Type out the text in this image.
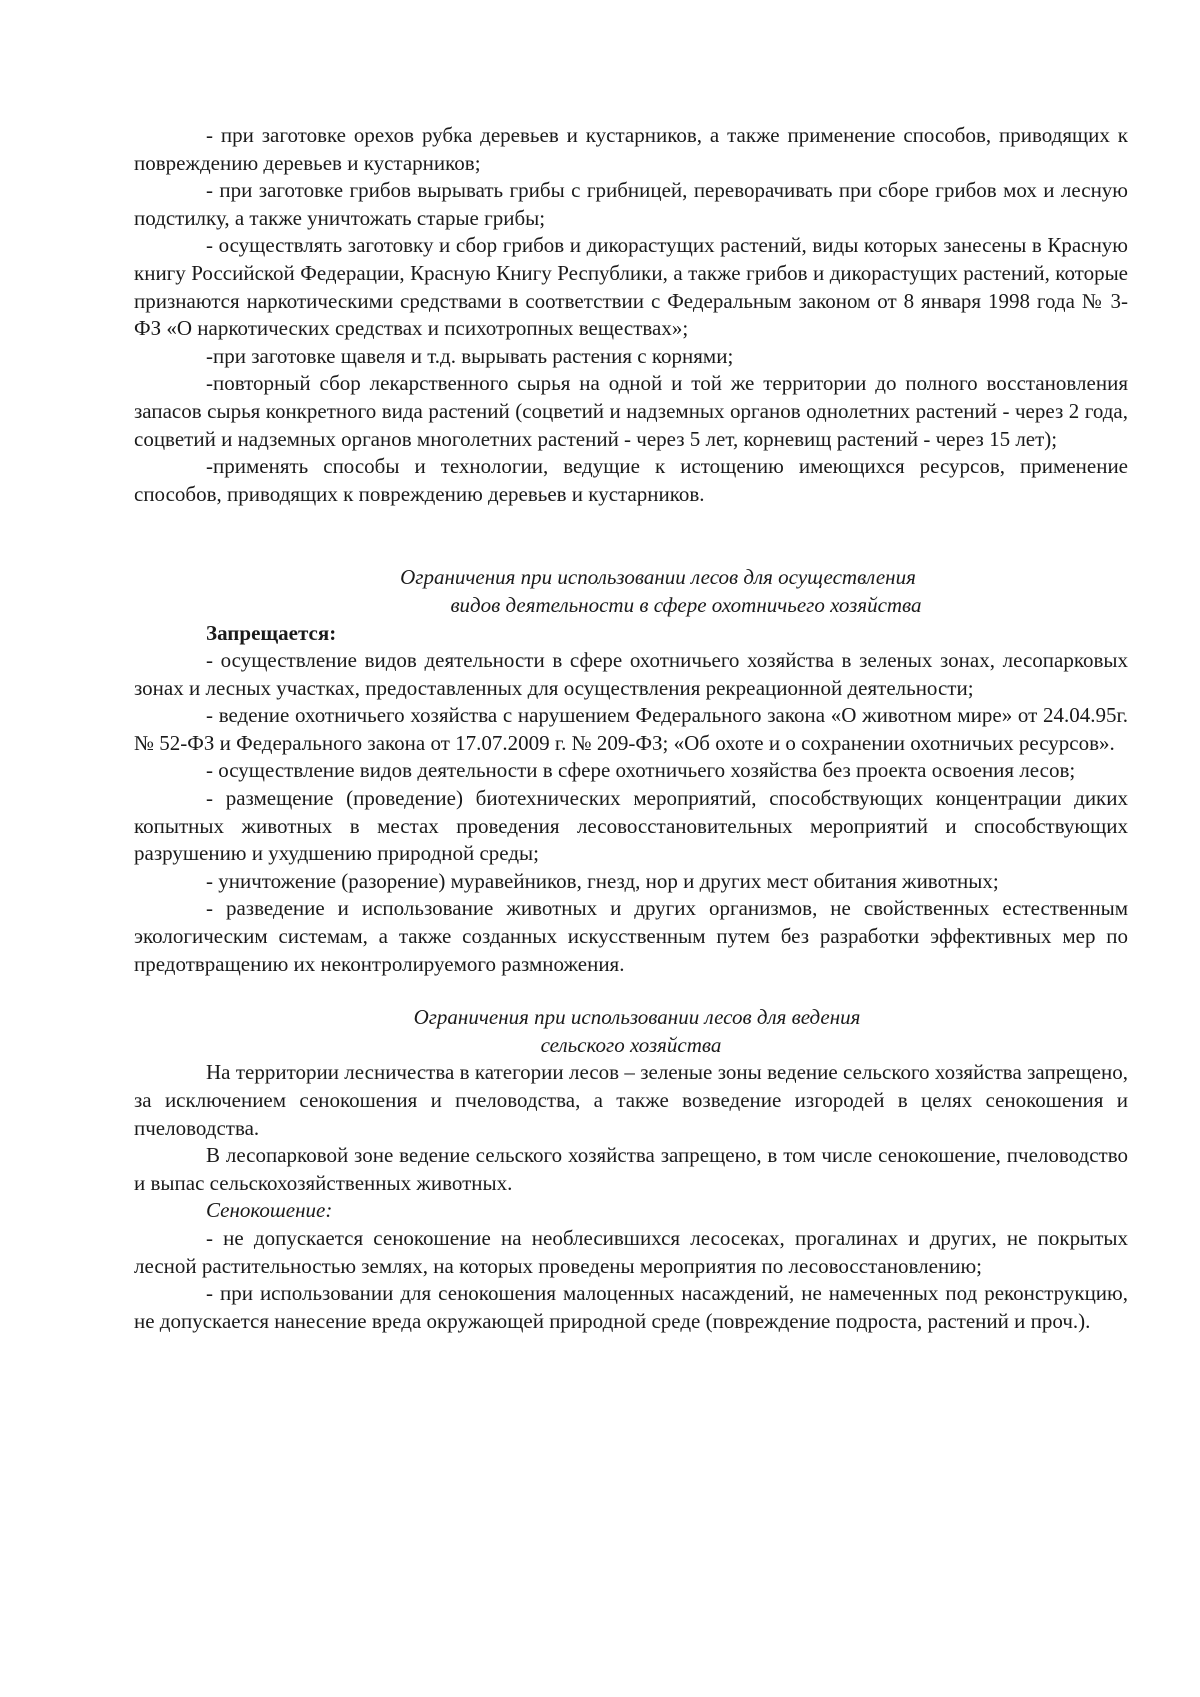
- при заготовке орехов рубка деревьев и кустарников, а также применение способов, приводящих к повреждению деревьев и кустарников;

- при заготовке грибов вырывать грибы с грибницей, переворачивать при сборе грибов мох и лесную подстилку, а также уничтожать старые грибы;

- осуществлять заготовку и сбор грибов и дикорастущих растений, виды которых занесены в Красную книгу Российской Федерации, Красную Книгу Республики, а также грибов и дикорастущих растений, которые признаются наркотическими средствами в соответствии с Федеральным законом от 8 января 1998 года № 3-ФЗ «О наркотических средствах и психотропных веществах»;

-при заготовке щавеля и т.д. вырывать растения с корнями;

-повторный сбор лекарственного сырья на одной и той же территории до полного восстановления запасов сырья конкретного вида растений (соцветий и надземных органов однолетних растений - через 2 года, соцветий и надземных органов многолетних растений - через 5 лет, корневищ растений - через 15 лет);

-применять способы и технологии, ведущие к истощению имеющихся ресурсов, применение способов, приводящих к повреждению деревьев и кустарников.

Ограничения при использовании лесов для осуществления
видов деятельности в сфере охотничьего хозяйства

Запрещается:

- осуществление видов деятельности в сфере охотничьего хозяйства в зеленых зонах, лесопарковых зонах и лесных участках, предоставленных для осуществления рекреационной деятельности;

- ведение охотничьего хозяйства с нарушением Федерального закона «О животном мире» от 24.04.95г. № 52-ФЗ и Федерального закона от 17.07.2009 г. № 209-ФЗ; «Об охоте и о сохранении охотничьих ресурсов».

- осуществление видов деятельности в сфере охотничьего хозяйства без проекта освоения лесов;

- размещение (проведение) биотехнических мероприятий, способствующих концентрации диких копытных животных в местах проведения лесовосстановительных мероприятий и способствующих разрушению и ухудшению природной среды;

- уничтожение (разорение) муравейников, гнезд, нор и других мест обитания животных;

- разведение и использование животных и других организмов, не свойственных естественным экологическим системам, а также созданных искусственным путем без разработки эффективных мер по предотвращению их неконтролируемого размножения.

Ограничения при использовании лесов для ведения
сельского хозяйства

На территории лесничества в категории лесов – зеленые зоны ведение сельского хозяйства запрещено, за исключением сенокошения и пчеловодства, а также возведение изгородей в целях сенокошения и пчеловодства.

В лесопарковой зоне ведение сельского хозяйства запрещено, в том числе сенокошение, пчеловодство и выпас сельскохозяйственных животных.

Сенокошение:

- не допускается сенокошение на необлесившихся лесосеках, прогалинах и других, не покрытых лесной растительностью землях, на которых проведены мероприятия по лесовосстановлению;

- при использовании для сенокошения малоценных насаждений, не намеченных под реконструкцию, не допускается нанесение вреда окружающей природной среде (повреждение подроста, растений и проч.).
